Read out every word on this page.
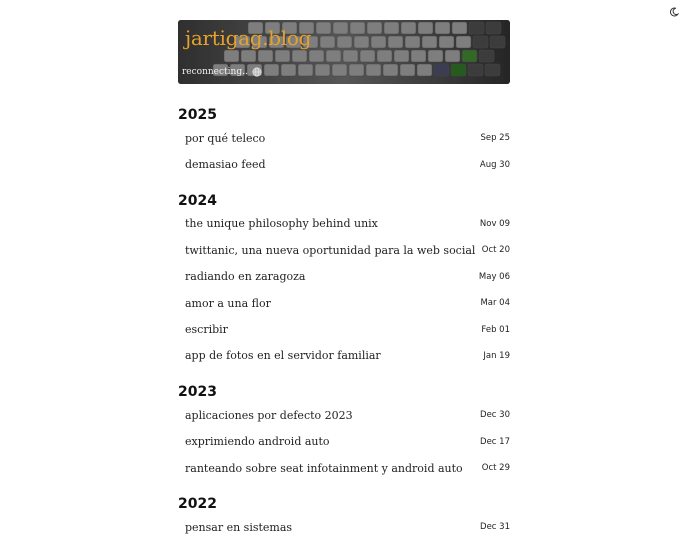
jartigag.blog
reconnecting..
2025
por qué teleco	Sep 25
demasiao feed	Aug 30
2024
the unique philosophy behind unix	Nov 09
twittanic, una nueva oportunidad para la web social Oct 20
radiando en zaragoza	May 06
amor a una flor	Mar 04
escribir	Feb 01
app de fotos en el servidor familiar	Jan 19
2023
aplicaciones por defecto 2023	Dec 30
exprimiendo android auto	Dec 17
ranteando sobre seat infotainment y android auto Oct 29
2022
pensar en sistemas	Dec 31
